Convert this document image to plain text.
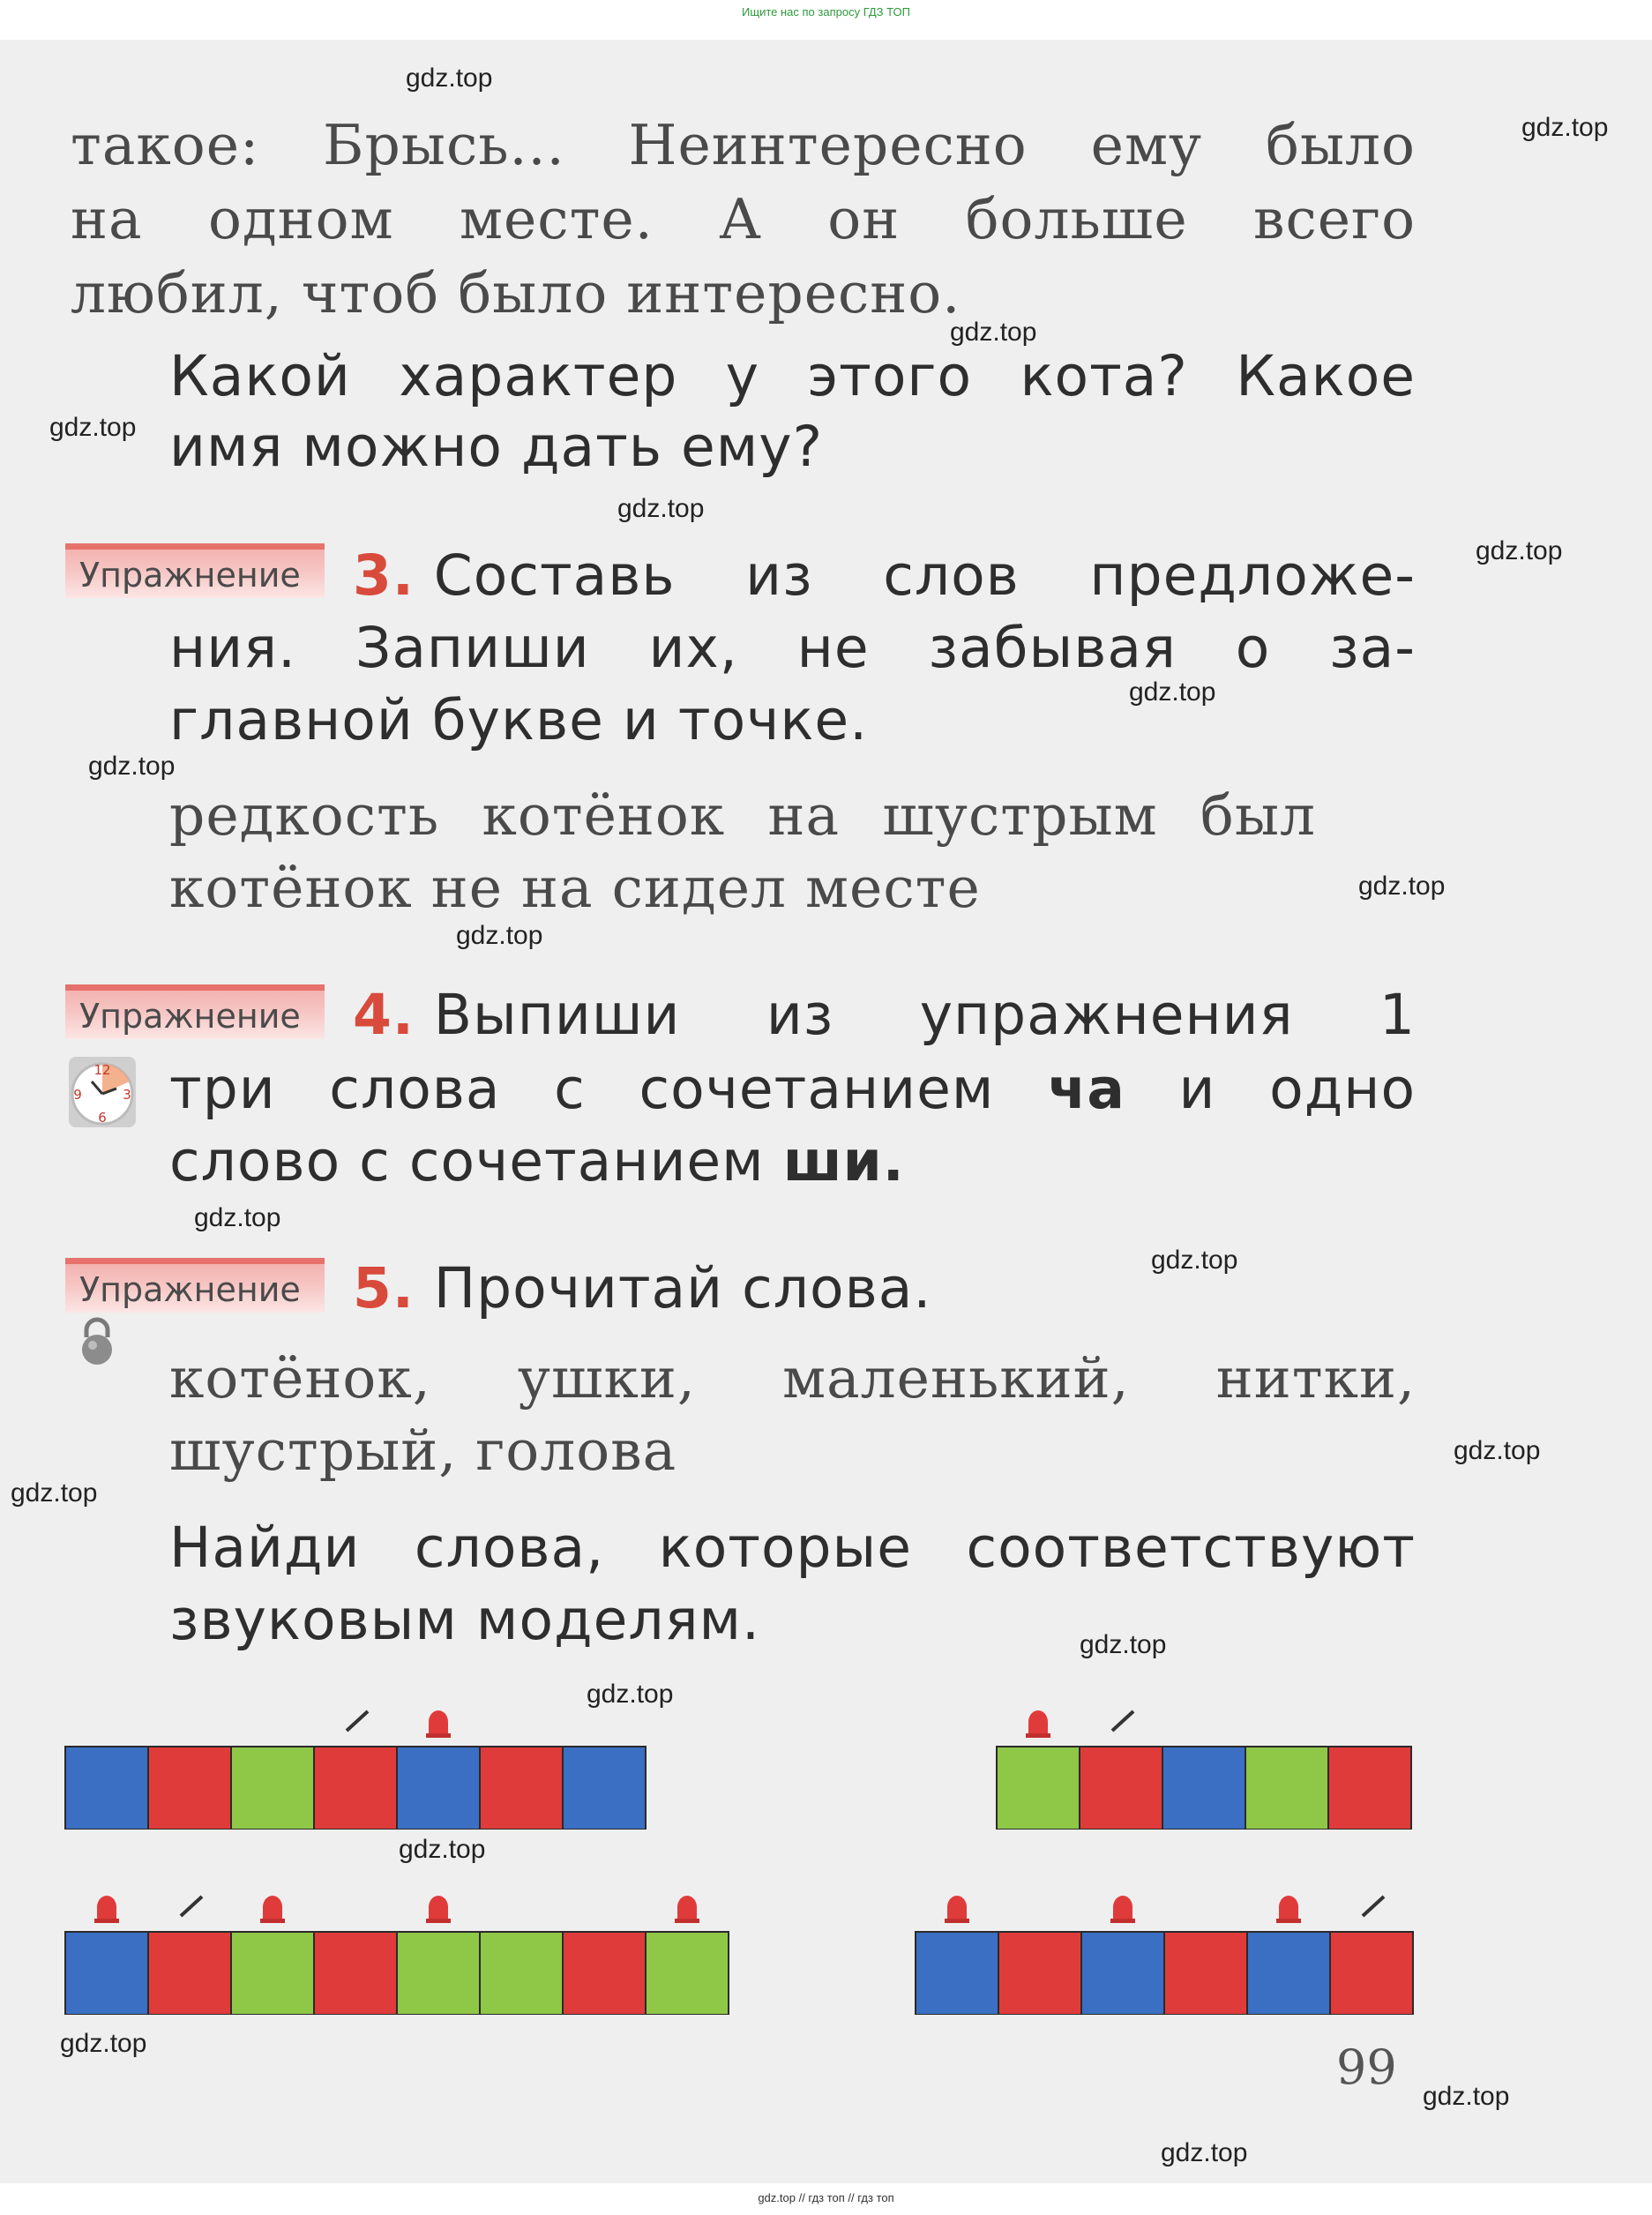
Ищите нас по запросу ГДЗ ТОП
такое: Брысь... Неинтересно ему было
на одном месте. А он больше всего
любил, чтоб было интересно.
Какой характер у этого кота? Какое
имя можно дать ему?
Упражнение 3. Составь из слов предложе-
ния. Запиши их, не забывая о за-
главной букве и точке.
редкость котёнок на шустрым был
котёнок не на сидел месте
Упражнение 4. Выпиши из упражнения 1
12
3
6
9 три слова с сочетанием ча и одно
слово с сочетанием ши.
Упражнение 5. Прочитай слова.
котёнок, ушки, маленький, нитки,
шустрый, голова
Найди слова, которые соответствуют
звуковым моделям.
99
gdz.top
gdz.top
gdz.top
gdz.top
gdz.top
gdz.top
gdz.top
gdz.top
gdz.top
gdz.top
gdz.top
gdz.top
gdz.top
gdz.top
gdz.top
gdz.top
gdz.top
gdz.top
gdz.top
gdz.top
gdz.top // гдз топ // гдз топ
